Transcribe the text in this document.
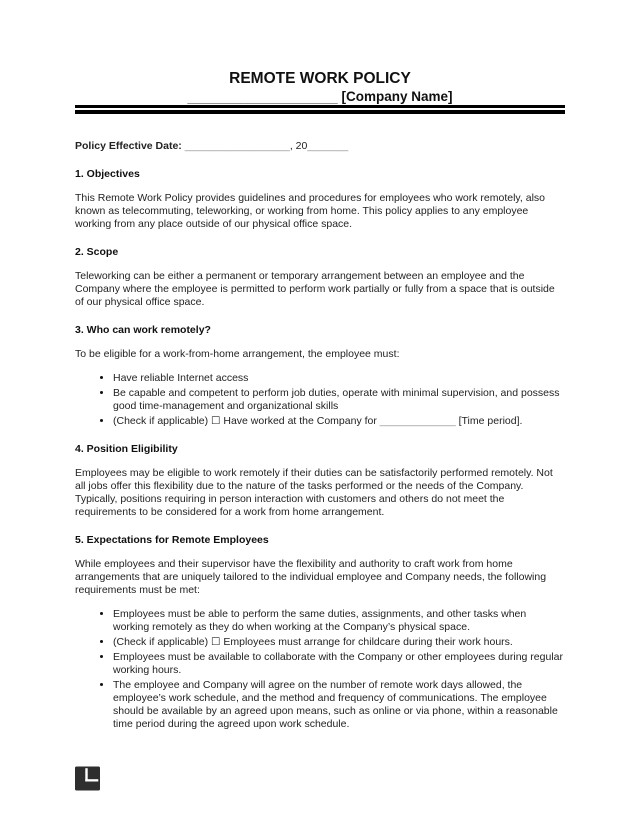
REMOTE WORK POLICY
____________________ [Company Name]

Policy Effective Date: __________________, 20_______

1. Objectives

This Remote Work Policy provides guidelines and procedures for employees who work remotely, also known as telecommuting, teleworking, or working from home. This policy applies to any employee working from any place outside of our physical office space.

2. Scope

Teleworking can be either a permanent or temporary arrangement between an employee and the Company where the employee is permitted to perform work partially or fully from a space that is outside of our physical office space.

3. Who can work remotely?

To be eligible for a work-from-home arrangement, the employee must:

• Have reliable Internet access
• Be capable and competent to perform job duties, operate with minimal supervision, and possess good time-management and organizational skills
• (Check if applicable) ☐ Have worked at the Company for _____________ [Time period].
4. Position Eligibility

Employees may be eligible to work remotely if their duties can be satisfactorily performed remotely. Not all jobs offer this flexibility due to the nature of the tasks performed or the needs of the Company. Typically, positions requiring in person interaction with customers and others do not meet the requirements to be considered for a work from home arrangement.

5. Expectations for Remote Employees

While employees and their supervisor have the flexibility and authority to craft work from home arrangements that are uniquely tailored to the individual employee and Company needs, the following requirements must be met:

• Employees must be able to perform the same duties, assignments, and other tasks when working remotely as they do when working at the Company’s physical space.
• (Check if applicable) ☐ Employees must arrange for childcare during their work hours.
• Employees must be available to collaborate with the Company or other employees during regular working hours.
• The employee and Company will agree on the number of remote work days allowed, the employee’s work schedule, and the method and frequency of communications. The employee should be available by an agreed upon means, such as online or via phone, within a reasonable time period during the agreed upon work schedule.
